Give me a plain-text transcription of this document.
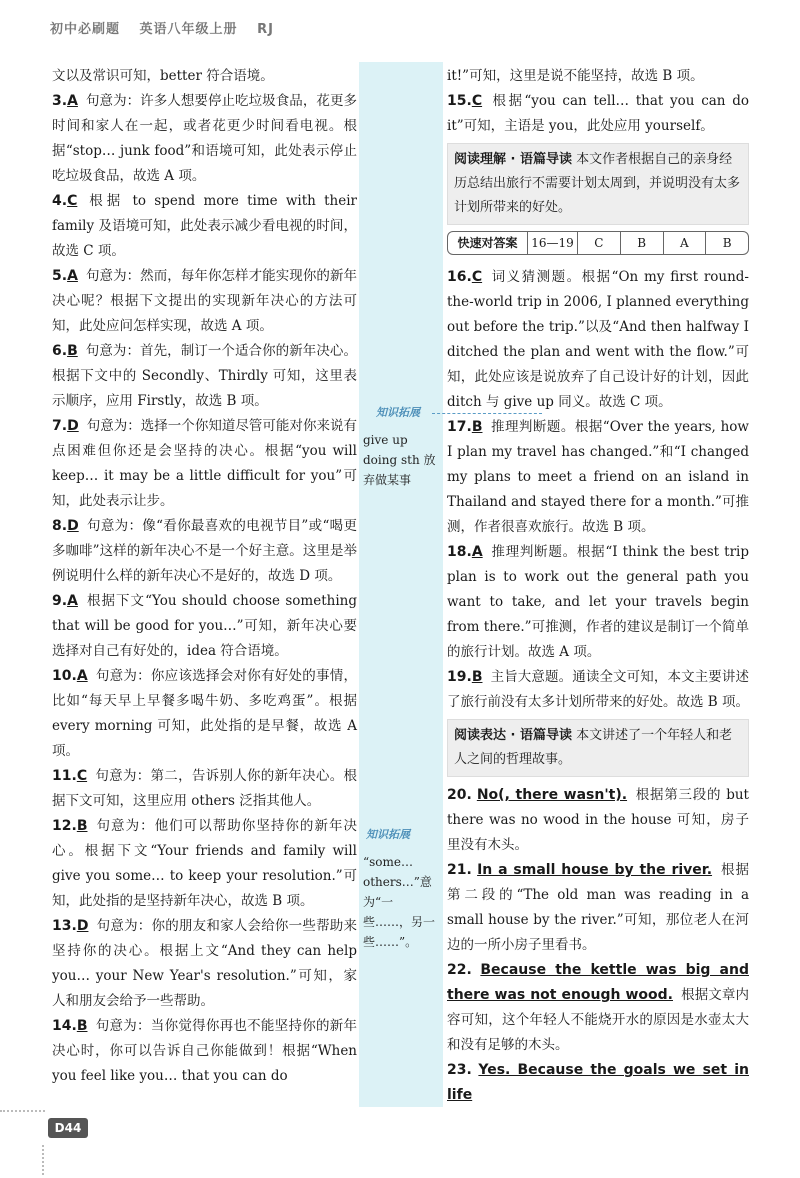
初中必刷题 英语八年级上册 RJ

文以及常识可知，better 符合语境。

3.A 句意为：许多人想要停止吃垃圾食品，花更多时间和家人在一起，或者花更少时间看电视。根据“stop… junk food”和语境可知，此处表示停止吃垃圾食品，故选 A 项。

4.C 根据 to spend more time with their family 及语境可知，此处表示减少看电视的时间，故选 C 项。

5.A 句意为：然而，每年你怎样才能实现你的新年决心呢？根据下文提出的实现新年决心的方法可知，此处应问怎样实现，故选 A 项。

6.B 句意为：首先，制订一个适合你的新年决心。根据下文中的 Secondly、Thirdly 可知，这里表示顺序，应用 Firstly，故选 B 项。

7.D 句意为：选择一个你知道尽管可能对你来说有点困难但你还是会坚持的决心。根据“you will keep… it may be a little difficult for you”可知，此处表示让步。

8.D 句意为：像“看你最喜欢的电视节目”或“喝更多咖啡”这样的新年决心不是一个好主意。这里是举例说明什么样的新年决心不是好的，故选 D 项。

9.A 根据下文“You should choose something that will be good for you…”可知，新年决心要选择对自己有好处的，idea 符合语境。

10.A 句意为：你应该选择会对你有好处的事情，比如“每天早上早餐多喝牛奶、多吃鸡蛋”。根据 every morning 可知，此处指的是早餐，故选 A 项。

11.C 句意为：第二，告诉别人你的新年决心。根据下文可知，这里应用 others 泛指其他人。

12.B 句意为：他们可以帮助你坚持你的新年决心。根据下文“Your friends and family will give you some… to keep your resolution.”可知，此处指的是坚持新年决心，故选 B 项。

13.D 句意为：你的朋友和家人会给你一些帮助来坚持你的决心。根据上文“And they can help you… your New Year's resolution.”可知，家人和朋友会给予一些帮助。

14.B 句意为：当你觉得你再也不能坚持你的新年决心时，你可以告诉自己你能做到！根据“When you feel like you… that you can do

知识拓展
give up doing sth 放弃做某事
知识拓展
“some… others…”意为“一些……，另一些……”。

it!”可知，这里是说不能坚持，故选 B 项。

15.C 根据“you can tell… that you can do it”可知，主语是 you，此处应用 yourself。

阅读理解 · 语篇导读 本文作者根据自己的亲身经历总结出旅行不需要计划太周到，并说明没有太多计划所带来的好处。
快速对答案	16—19	C	B	A	B

16.C 词义猜测题。根据“On my first round-the-world trip in 2006, I planned everything out before the trip.”以及“And then halfway I ditched the plan and went with the flow.”可知，此处应该是说放弃了自己设计好的计划，因此 ditch 与 give up 同义。故选 C 项。

17.B 推理判断题。根据“Over the years, how I plan my travel has changed.”和“I changed my plans to meet a friend on an island in Thailand and stayed there for a month.”可推测，作者很喜欢旅行。故选 B 项。

18.A 推理判断题。根据“I think the best trip plan is to work out the general path you want to take, and let your travels begin from there.”可推测，作者的建议是制订一个简单的旅行计划。故选 A 项。

19.B 主旨大意题。通读全文可知，本文主要讲述了旅行前没有太多计划所带来的好处。故选 B 项。

阅读表达 · 语篇导读 本文讲述了一个年轻人和老人之间的哲理故事。

20. No(, there wasn't). 根据第三段的 but there was no wood in the house 可知，房子里没有木头。

21. In a small house by the river. 根据第二段的“The old man was reading in a small house by the river.”可知，那位老人在河边的一所小房子里看书。

22. Because the kettle was big and there was not enough wood. 根据文章内容可知，这个年轻人不能烧开水的原因是水壶太大和没有足够的木头。

23. Yes. Because the goals we set in life

D44
